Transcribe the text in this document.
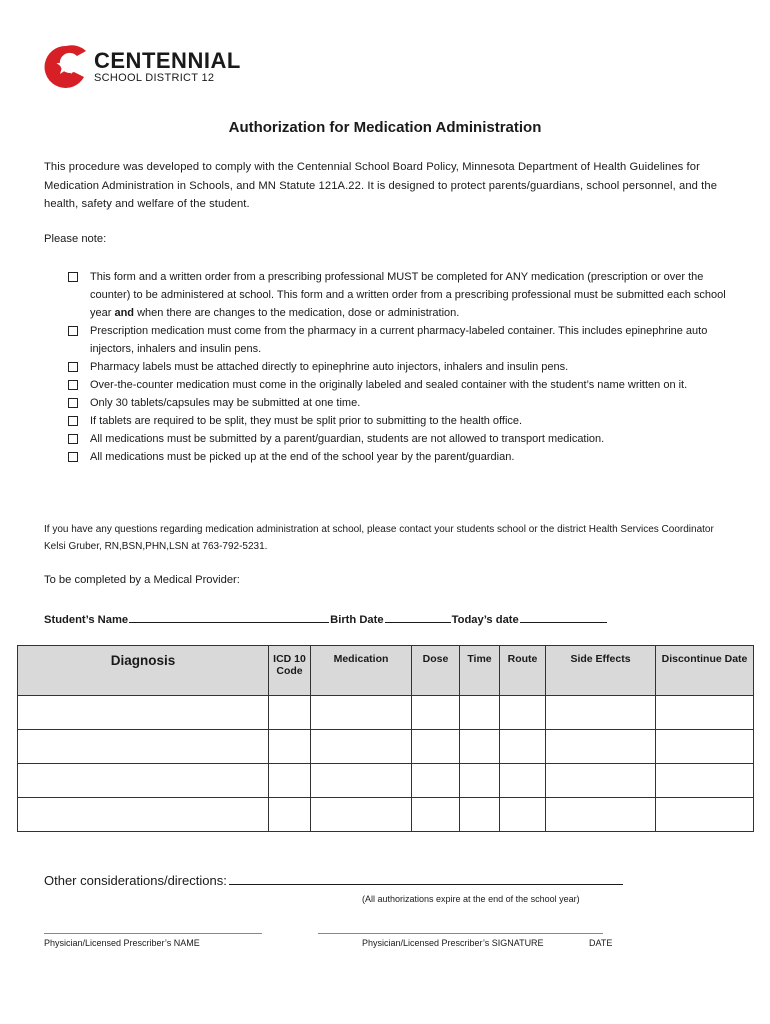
CENTENNIAL
SCHOOL DISTRICT 12
Authorization for Medication Administration
This procedure was developed to comply with the Centennial School Board Policy, Minnesota Department of Health Guidelines for Medication Administration in Schools, and MN Statute 121A.22. It is designed to protect parents/guardians, school personnel, and the health, safety and welfare of the student.
Please note:
This form and a written order from a prescribing professional MUST be completed for ANY medication (prescription or over the counter) to be administered at school. This form and a written order from a prescribing professional must be submitted each school year and when there are changes to the medication, dose or administration.
Prescription medication must come from the pharmacy in a current pharmacy-labeled container. This includes epinephrine auto injectors, inhalers and insulin pens.
Pharmacy labels must be attached directly to epinephrine auto injectors, inhalers and insulin pens.
Over-the-counter medication must come in the originally labeled and sealed container with the student’s name written on it.
Only 30 tablets/capsules may be submitted at one time.
If tablets are required to be split, they must be split prior to submitting to the health office.
All medications must be submitted by a parent/guardian, students are not allowed to transport medication.
All medications must be picked up at the end of the school year by the parent/guardian.
If you have any questions regarding medication administration at school, please contact your students school or the district Health Services Coordinator Kelsi Gruber, RN,BSN,PHN,LSN at 763-792-5231.
To be completed by a Medical Provider:
Student’s Name	Birth Date	Today’s date
Diagnosis	ICD 10 Code	Medication	Dose	Time	Route	Side Effects	Discontinue Date

Other considerations/directions:
(All authorizations expire at the end of the school year)
Physician/Licensed Prescriber’s NAME	Physician/Licensed Prescriber’s SIGNATURE	DATE
